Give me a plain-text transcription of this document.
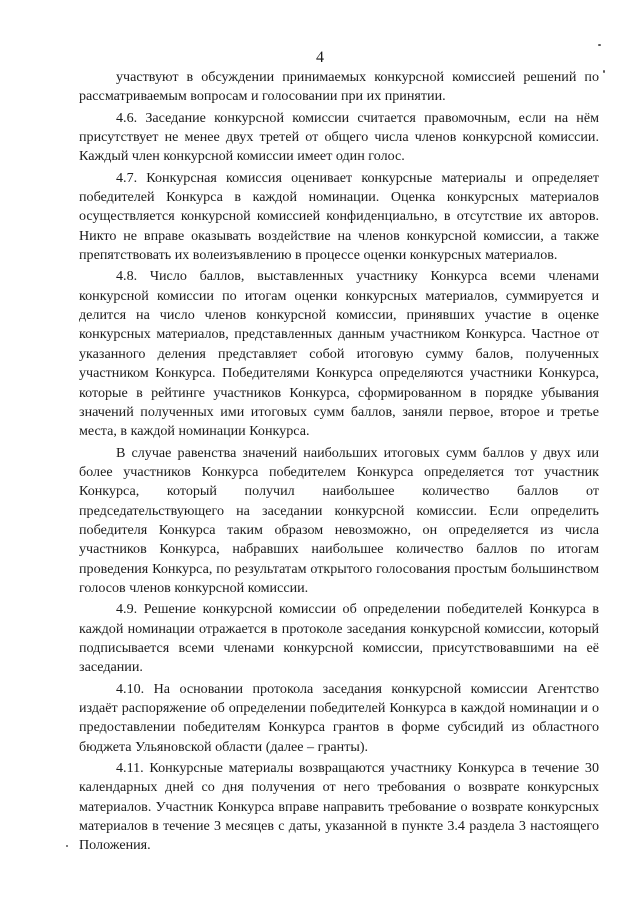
4

участвуют в обсуждении принимаемых конкурсной комиссией решений по рассматриваемым вопросам и голосовании при их принятии.

4.6. Заседание конкурсной комиссии считается правомочным, если на нём присутствует не менее двух третей от общего числа членов конкурсной комиссии. Каждый член конкурсной комиссии имеет один голос.

4.7. Конкурсная комиссия оценивает конкурсные материалы и определяет победителей Конкурса в каждой номинации. Оценка конкурсных материалов осуществляется конкурсной комиссией конфиденциально, в отсутствие их авторов. Никто не вправе оказывать воздействие на членов конкурсной комиссии, а также препятствовать их волеизъявлению в процессе оценки конкурсных материалов.

4.8. Число баллов, выставленных участнику Конкурса всеми членами конкурсной комиссии по итогам оценки конкурсных материалов, суммируется и делится на число членов конкурсной комиссии, принявших участие в оценке конкурсных материалов, представленных данным участником Конкурса. Частное от указанного деления представляет собой итоговую сумму балов, полученных участником Конкурса. Победителями Конкурса определяются участники Конкурса, которые в рейтинге участников Конкурса, сформированном в порядке убывания значений полученных ими итоговых сумм баллов, заняли первое, второе и третье места, в каждой номинации Конкурса.

В случае равенства значений наибольших итоговых сумм баллов у двух или более участников Конкурса победителем Конкурса определяется тот участник Конкурса, который получил наибольшее количество баллов от председательствующего на заседании конкурсной комиссии. Если определить победителя Конкурса таким образом невозможно, он определяется из числа участников Конкурса, набравших наибольшее количество баллов по итогам проведения Конкурса, по результатам открытого голосования простым большинством голосов членов конкурсной комиссии.

4.9. Решение конкурсной комиссии об определении победителей Конкурса в каждой номинации отражается в протоколе заседания конкурсной комиссии, который подписывается всеми членами конкурсной комиссии, присутствовавшими на её заседании.

4.10. На основании протокола заседания конкурсной комиссии Агентство издаёт распоряжение об определении победителей Конкурса в каждой номинации и о предоставлении победителям Конкурса грантов в форме субсидий из областного бюджета Ульяновской области (далее – гранты).

4.11. Конкурсные материалы возвращаются участнику Конкурса в течение 30 календарных дней со дня получения от него требования о возврате конкурсных материалов. Участник Конкурса вправе направить требование о возврате конкурсных материалов в течение 3 месяцев с даты, указанной в пункте 3.4 раздела 3 настоящего Положения.
